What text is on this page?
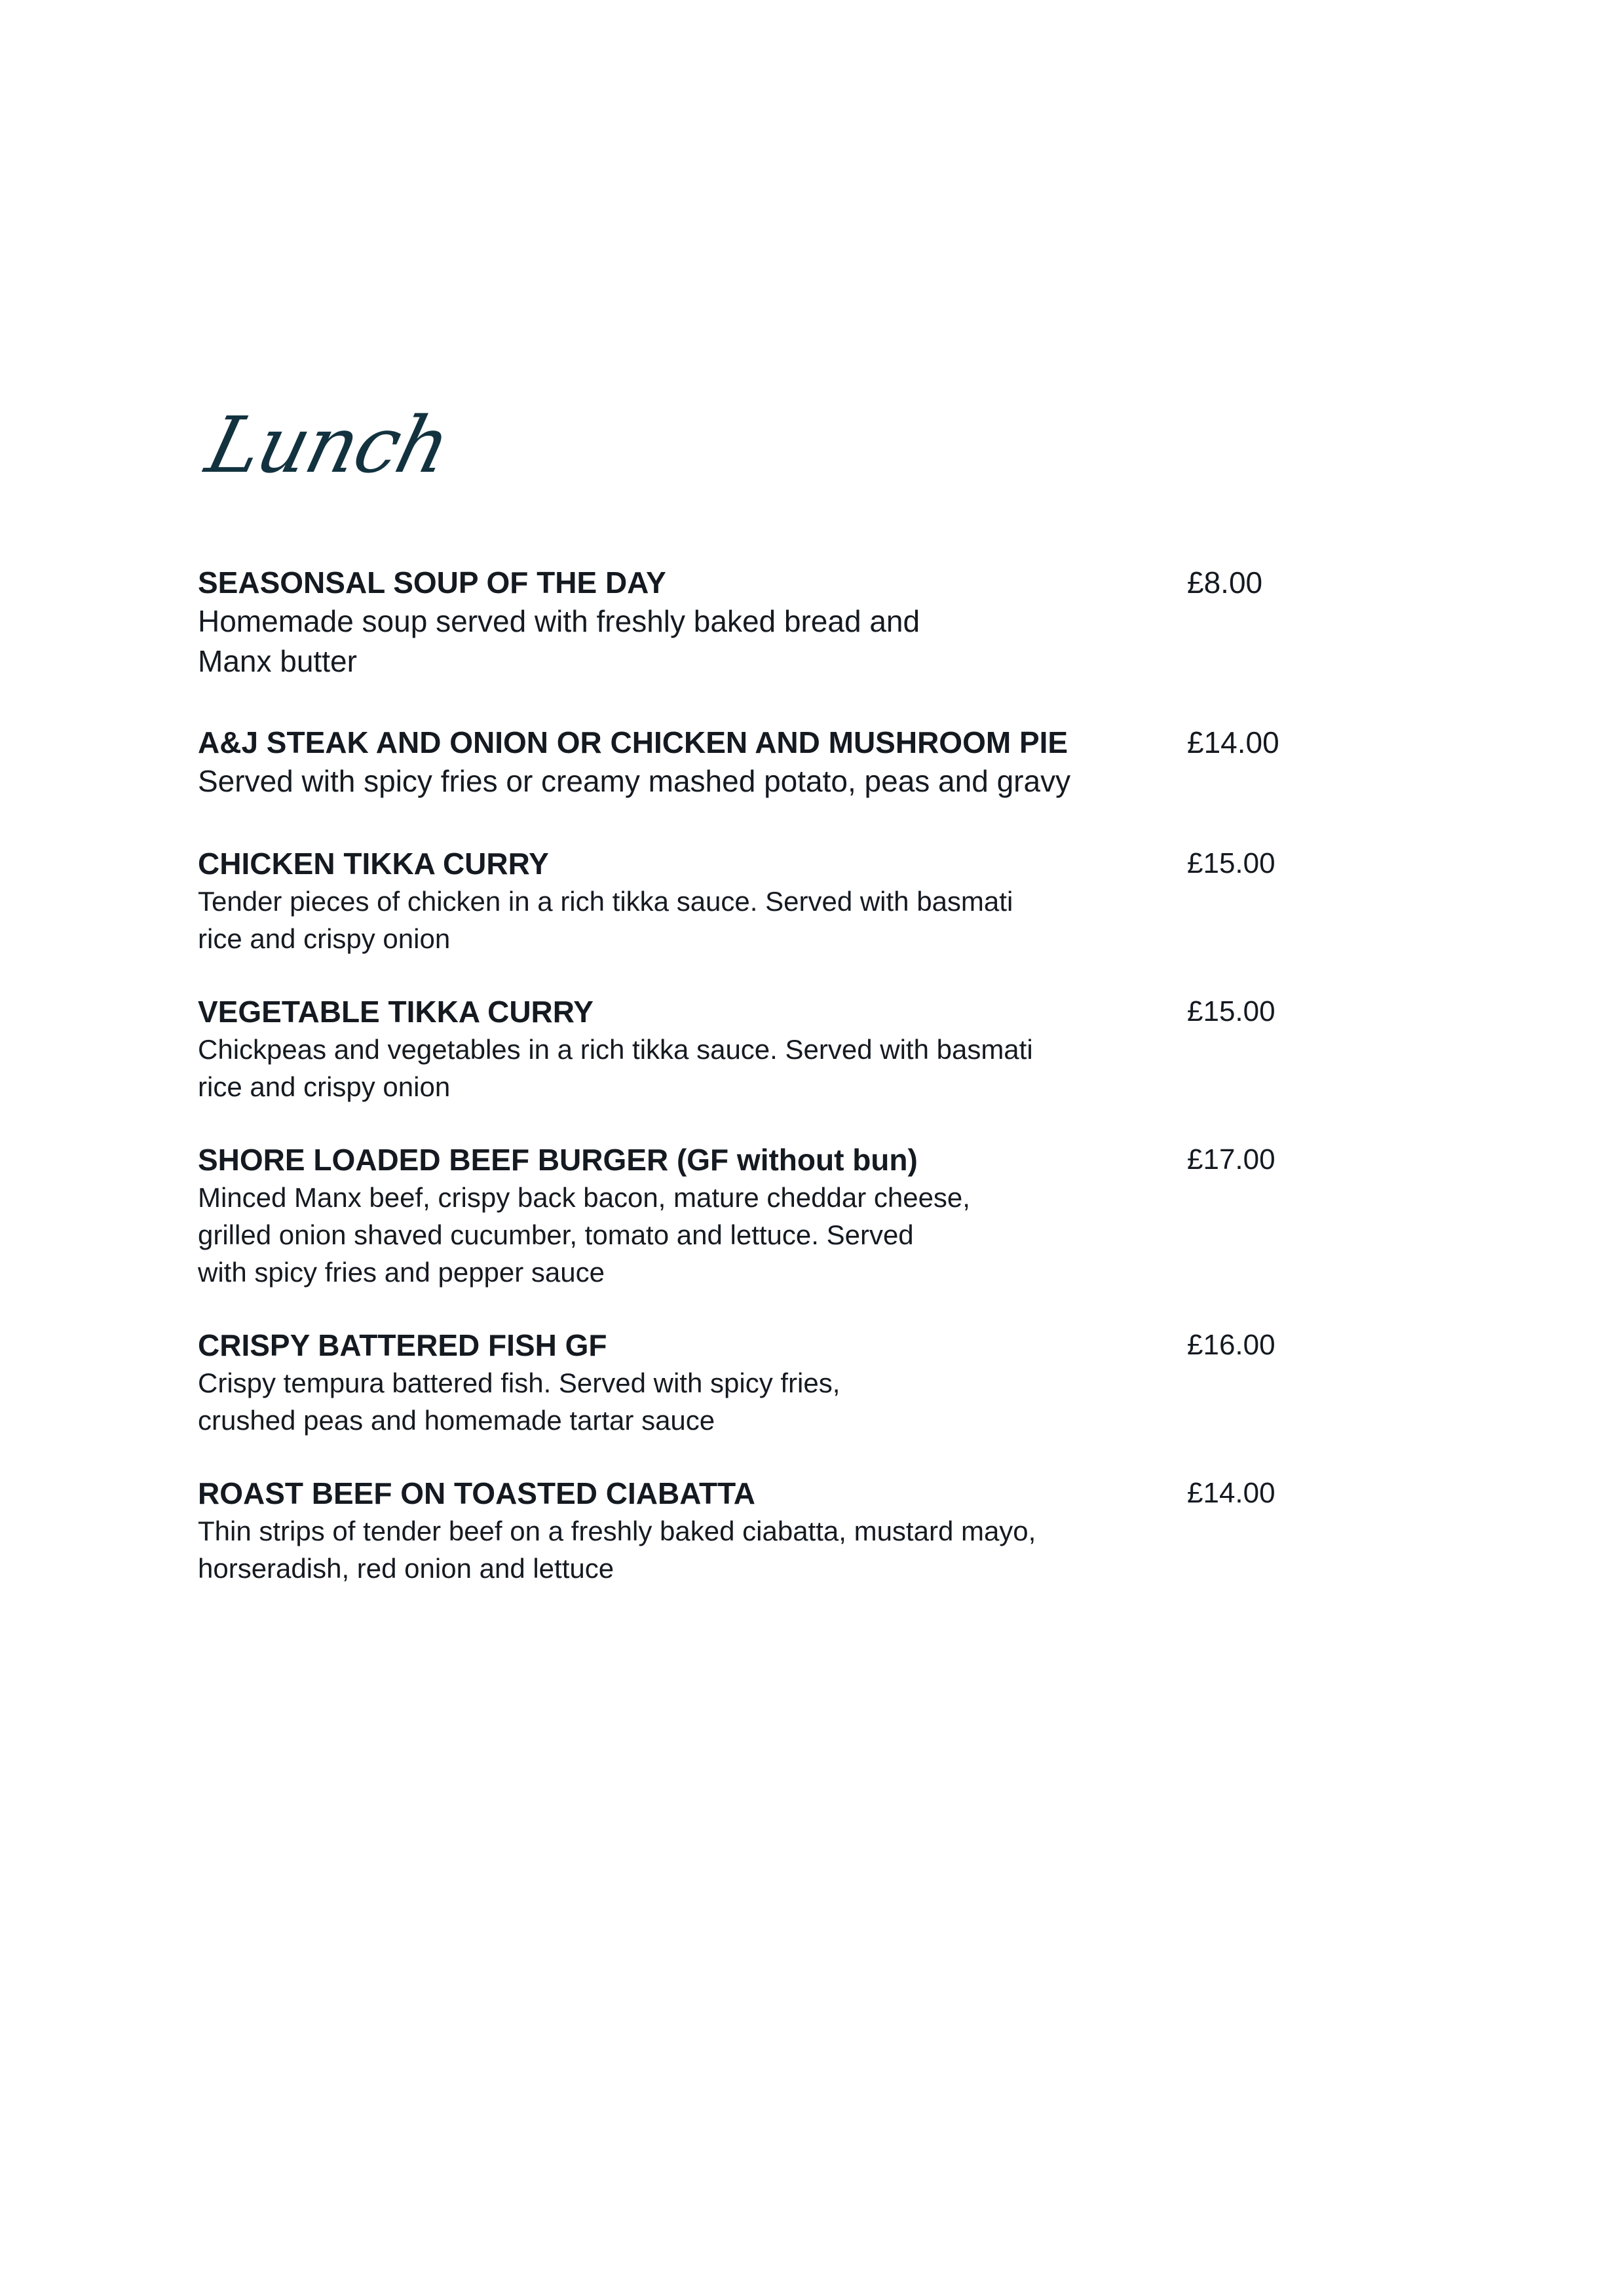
Lunch
SEASONSAL SOUP OF THE DAY	£8.00
Homemade soup served with freshly baked bread and
Manx butter
A&J STEAK AND ONION OR CHICKEN AND MUSHROOM PIE	£14.00
Served with spicy fries or creamy mashed potato, peas and gravy
CHICKEN TIKKA CURRY	£15.00
Tender pieces of chicken in a rich tikka sauce. Served with basmati
rice and crispy onion
VEGETABLE TIKKA CURRY	£15.00
Chickpeas and vegetables in a rich tikka sauce. Served with basmati
rice and crispy onion
SHORE LOADED BEEF BURGER (GF without bun)	£17.00
Minced Manx beef, crispy back bacon, mature cheddar cheese,
grilled onion shaved cucumber, tomato and lettuce. Served
with spicy fries and pepper sauce
CRISPY BATTERED FISH GF	£16.00
Crispy tempura battered fish. Served with spicy fries,
crushed peas and homemade tartar sauce
ROAST BEEF ON TOASTED CIABATTA	£14.00
Thin strips of tender beef on a freshly baked ciabatta, mustard mayo,
horseradish, red onion and lettuce
